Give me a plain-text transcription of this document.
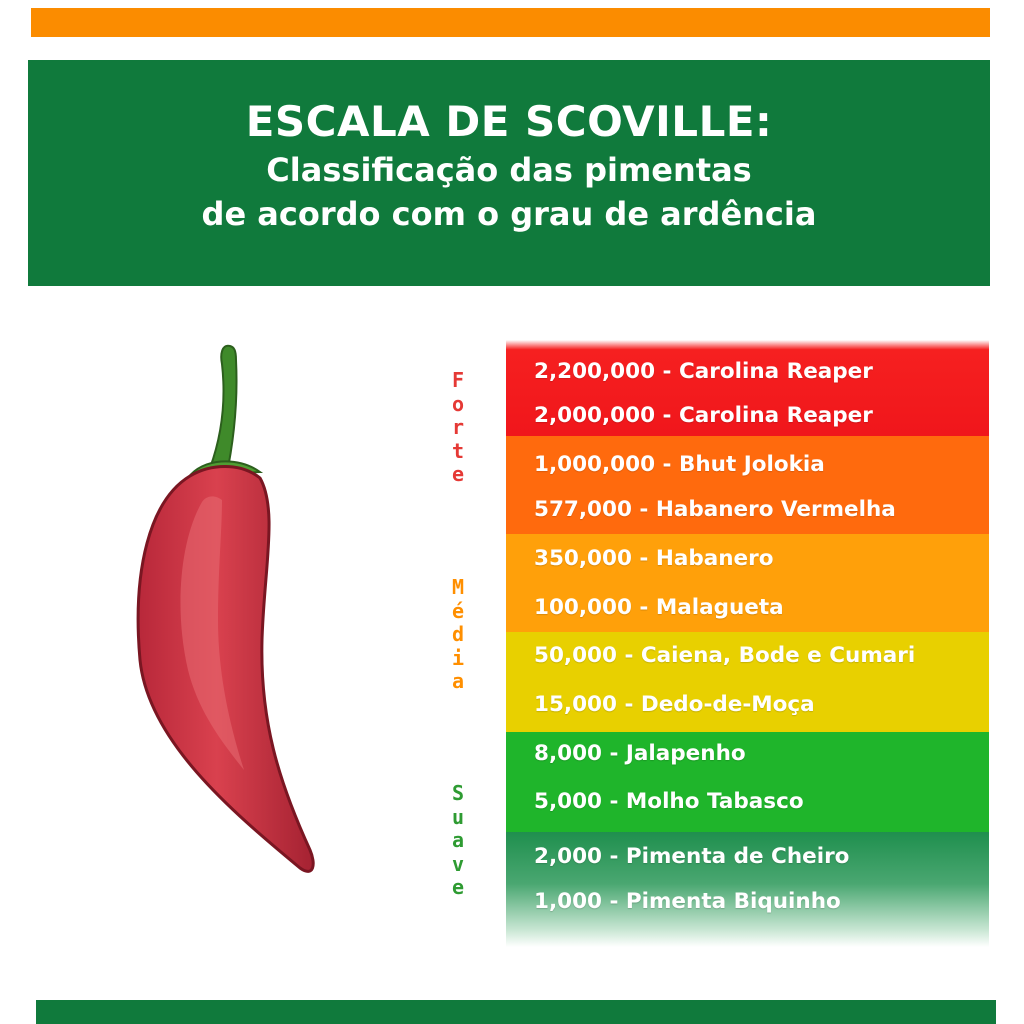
ESCALA DE SCOVILLE:
Classificação das pimentas
de acordo com o grau de ardência
F
o
r
t
e
M
é
d
i
a
S
u
a
v
e
2,200,000 - Carolina Reaper
2,000,000 - Carolina Reaper
1,000,000 - Bhut Jolokia
577,000 - Habanero Vermelha
350,000 - Habanero
100,000 - Malagueta
50,000 - Caiena, Bode e Cumari
15,000 - Dedo-de-Moça
8,000 - Jalapenho
5,000 - Molho Tabasco
2,000 - Pimenta de Cheiro
1,000 - Pimenta Biquinho
